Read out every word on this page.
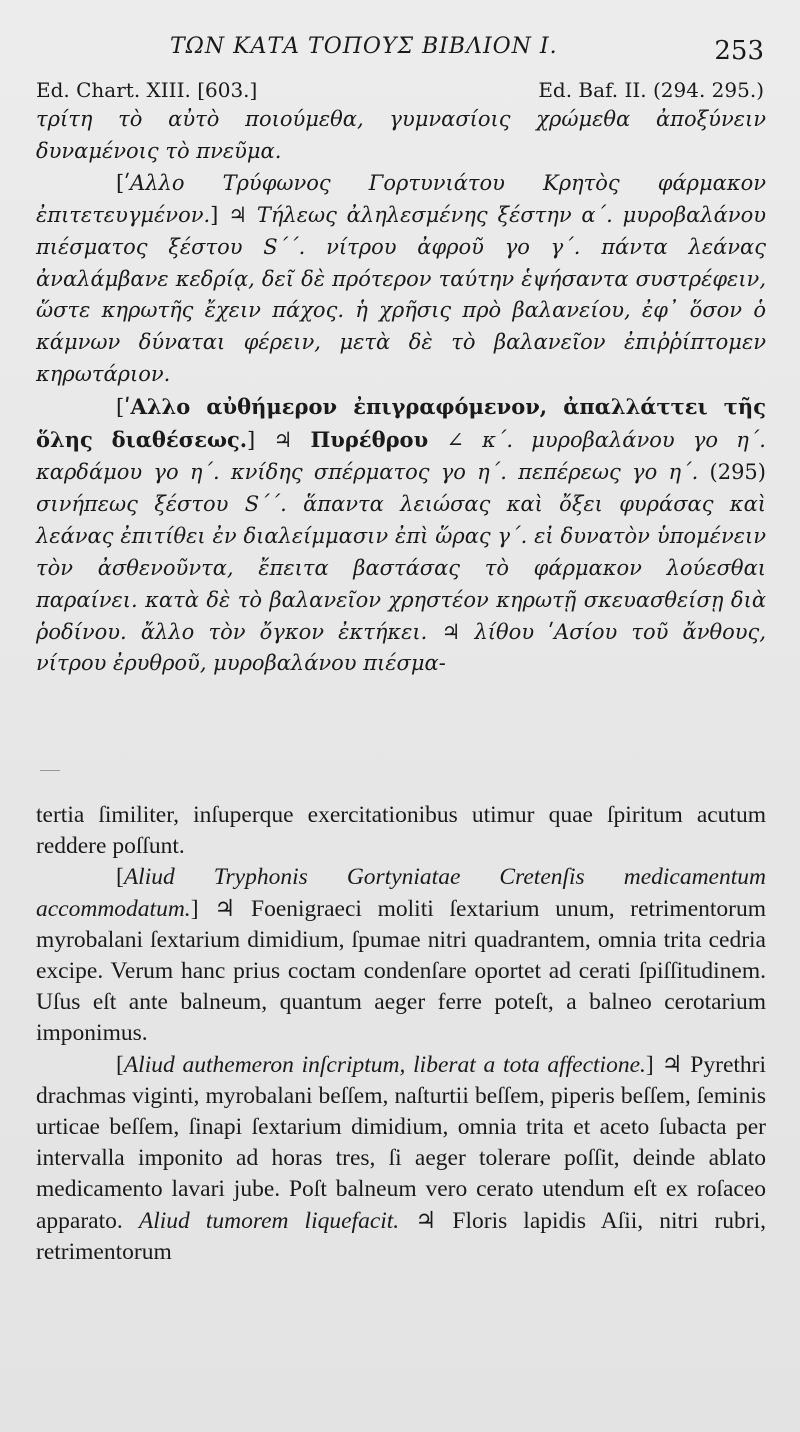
ΤΩΝ ΚΑΤΑ ΤΟΠΟΥΣ ΒΙΒΛΙΟΝ Ι.	253
Ed. Chart. XIII. [603.]	Ed. Baf. II. (294. 295.)

τρίτη τὸ αὐτὸ ποιούμεθα, γυμνασίοις χρώμεθα ἀποξύνειν δυναμένοις τὸ πνεῦμα.

[ʹΑλλο Τρύφωνος Γορτυνιάτου Κρητὸς φάρμακον ἐπιτετευγμένον.] ♃ Τήλεως ἀληλεσμένης ξέστην α´. μυροβαλάνου πιέσματος ξέστου S´´. νίτρου ἀφροῦ γο γ´. πάντα λεάνας ἀναλάμβανε κεδρίᾳ, δεῖ δὲ πρότερον ταύτην ἑψήσαντα συστρέφειν, ὥστε κηρωτῆς ἔχειν πάχος. ἡ χρῆσις πρὸ βαλανείου, ἐφ᾽ ὅσον ὁ κάμνων δύναται φέρειν, μετὰ δὲ τὸ βαλανεῖον ἐπιῤῥίπτομεν κηρωτάριον.

[ʹΑλλο αὐθήμερον ἐπιγραφόμενον, ἀπαλλάττει τῆς ὅλης διαθέσεως.] ♃ Πυρέθρου ∠ κ´. μυροβαλάνου γο η´. καρδάμου γο η´. κνίδης σπέρματος γο η´. πεπέρεως γο η´. (295) σινήπεως ξέστου S´´. ἅπαντα λειώσας καὶ ὄξει φυράσας καὶ λεάνας ἐπιτίθει ἐν διαλείμμασιν ἐπὶ ὥρας γ´. εἰ δυνατὸν ὑπομένειν τὸν ἀσθενοῦντα, ἔπειτα βαστάσας τὸ φάρμακον λούεσθαι παραίνει. κατὰ δὲ τὸ βαλανεῖον χρηστέον κηρωτῇ σκευασθείσῃ διὰ ῥοδίνου. ἄλλο τὸν ὄγκον ἐκτήκει. ♃ λίθου ʹΑσίου τοῦ ἄνθους, νίτρου ἐρυθροῦ, μυροβαλάνου πιέσμα-

tertia ſimiliter, inſuperque exercitationibus utimur quae ſpiritum acutum reddere poſſunt.

[Aliud Tryphonis Gortyniatae Cretenſis medicamentum accommodatum.] ♃ Foenigraeci moliti ſextarium unum, retrimentorum myrobalani ſextarium dimidium, ſpumae nitri quadrantem, omnia trita cedria excipe. Verum hanc prius coctam condenſare oportet ad cerati ſpiſſitudinem. Uſus eſt ante balneum, quantum aeger ferre poteſt, a balneo cerotarium imponimus.

[Aliud authemeron inſcriptum, liberat a tota affectione.] ♃ Pyrethri drachmas viginti, myrobalani beſſem, naſturtii beſſem, piperis beſſem, ſeminis urticae beſſem, ſinapi ſextarium dimidium, omnia trita et aceto ſubacta per intervalla imponito ad horas tres, ſi aeger tolerare poſſit, deinde ablato medicamento lavari jube. Poſt balneum vero cerato utendum eſt ex roſaceo apparato. Aliud tumorem liquefacit. ♃ Floris lapidis Aſii, nitri rubri, retrimentorum
